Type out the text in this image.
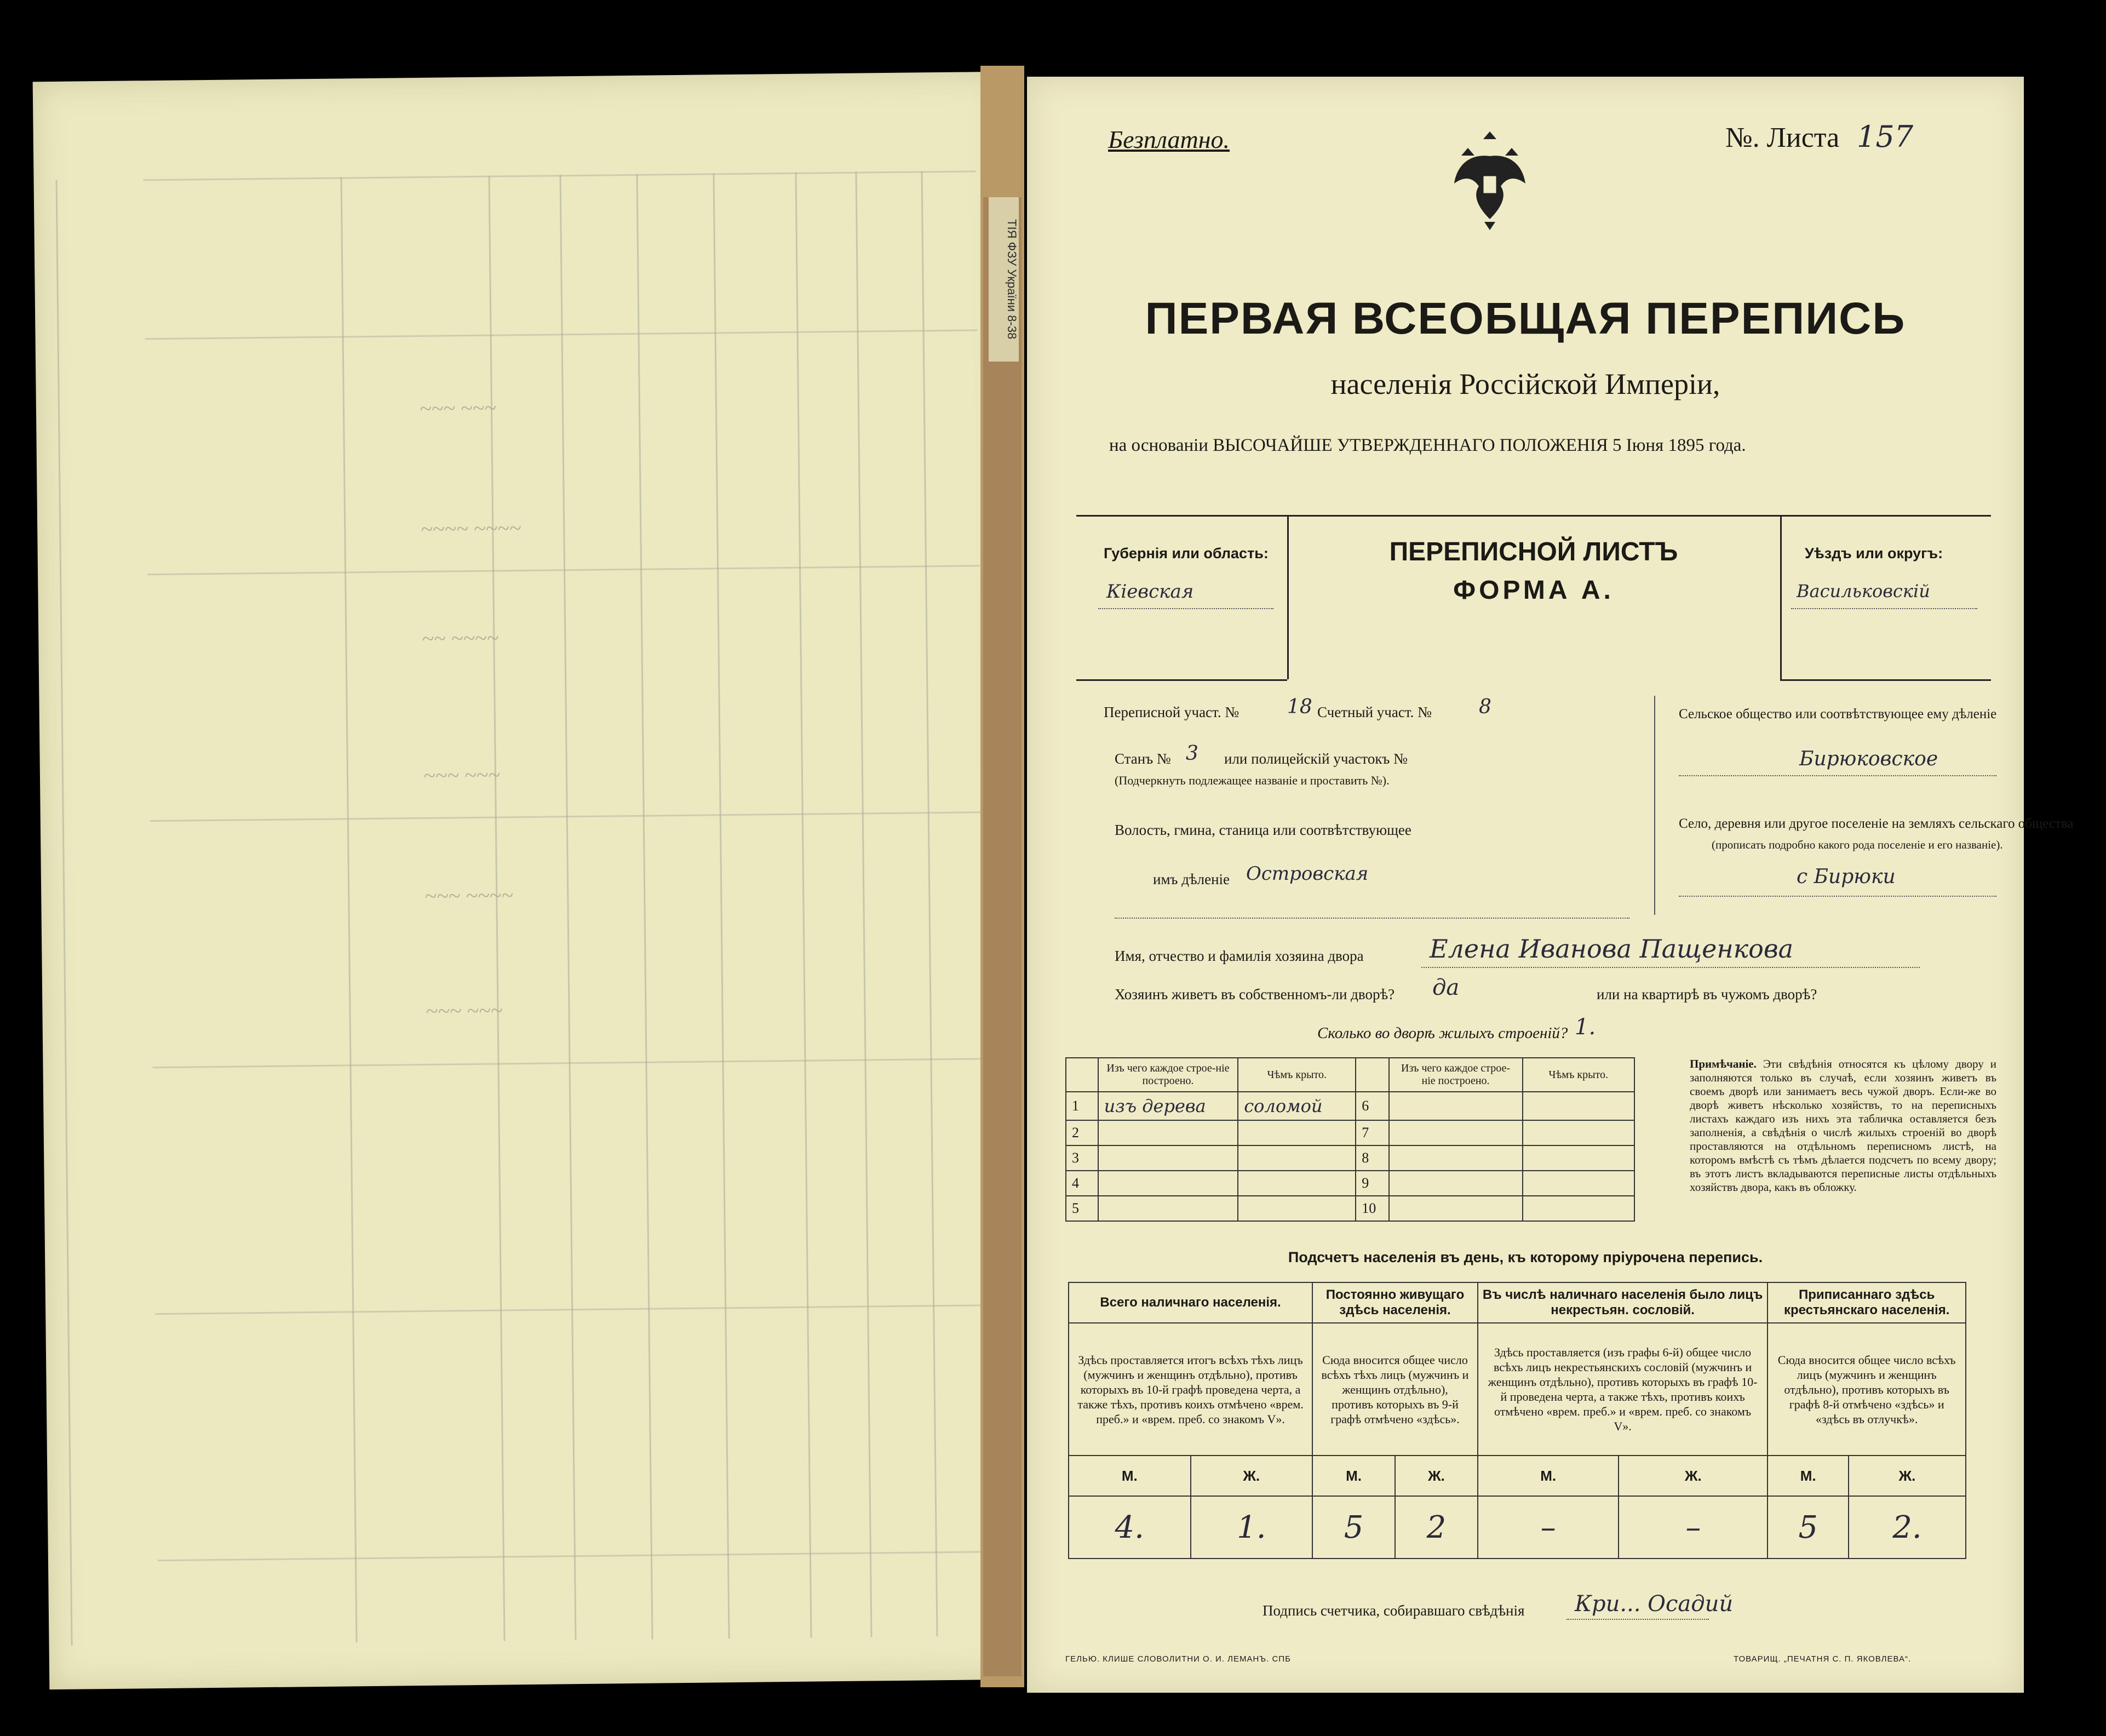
~~~ ~~~
~~~~ ~~~~
~~ ~~~~
~~~ ~~~
~~~ ~~~~
~~~ ~~~
ТІЯ ФЗУ України 8-38
Безплатно.	№. Листа 157
ПЕРВАЯ ВСЕОБЩАЯ ПЕРЕПИСЬ
населенія Россійской Имперіи,
на основаніи ВЫСОЧАЙШЕ УТВЕРЖДЕННАГО ПОЛОЖЕНІЯ 5 Іюня 1895 года.
Губернія или область:
Кіевская
ПЕРЕПИСНОЙ ЛИСТЪ
ФОРМА А.
Уѣздъ или округъ:
Васильковскій
Переписной участ. № 18 Счетный участ. № 8
Станъ № 3 или полицейскій участокъ №
(Подчеркнуть подлежащее названіе и проставить №).
Волость, гмина, станица или соотвѣтствующее
имъ дѣленіе Островская
Сельское общество или соотвѣтствующее ему дѣленіе
Бирюковское
Село, деревня или другое поселеніе на земляхъ сельскаго общества
(прописать подробно какого рода поселеніе и его названіе).
с Бирюки
Имя, отчество и фамилія хозяина двора	Елена Иванова Пащенкова
Хозяинъ живетъ въ собственномъ-ли дворѣ? да	или на квартирѣ въ чужомъ дворѣ?
Сколько во дворѣ жилыхъ строеній? 1.
	Изъ чего каждое строе-ніе построено.	Чѣмъ крыто.		Изъ чего каждое строе-ніе построено.	Чѣмъ крыто.
1	изъ дерева	соломой	6		
2			7		
3			8		
4			9		
5			10		
Примѣчаніе. Эти свѣдѣнія относятся къ цѣлому двору и заполняются только въ случаѣ, если хозяинъ живетъ въ своемъ дворѣ или занимаетъ весь чужой дворъ. Если-же во дворѣ живетъ нѣсколько хозяйствъ, то на переписныхъ листахъ каждаго изъ нихъ эта табличка оставляется безъ заполненія, а свѣдѣнія о числѣ жилыхъ строеній во дворѣ проставляются на отдѣльномъ переписномъ листѣ, на которомъ вмѣстѣ съ тѣмъ дѣлается подсчетъ по всему двору; въ этотъ листъ вкладываются переписные листы отдѣльныхъ хозяйствъ двора, какъ въ обложку.
Подсчетъ населенія въ день, къ которому пріурочена перепись.
Всего наличнаго населенія.		Постоянно живущаго здѣсь населенія.		Въ числѣ наличнаго населенія было лицъ некрестьян. сословій.		Приписаннаго здѣсь крестьянскаго населенія.	
Здѣсь проставляется итогъ всѣхъ тѣхъ лицъ (мужчинъ и женщинъ отдѣльно), противъ которыхъ въ 10-й графѣ проведена черта, а также тѣхъ, противъ коихъ отмѣчено «врем. преб.» и «врем. преб. со знакомъ V».		Сюда вносится общее число всѣхъ тѣхъ лицъ (мужчинъ и женщинъ отдѣльно), противъ которыхъ въ 9-й графѣ отмѣчено «здѣсь».		Здѣсь проставляется (изъ графы 6-й) общее число всѣхъ лицъ некрестьянскихъ сословій (мужчинъ и женщинъ отдѣльно), противъ которыхъ въ графѣ 10-й проведена черта, а также тѣхъ, противъ коихъ отмѣчено «врем. преб.» и «врем. преб. со знакомъ V».		Сюда вносится общее число всѣхъ лицъ (мужчинъ и женщинъ отдѣльно), противъ которыхъ въ графѣ 8-й отмѣчено «здѣсь» и «здѣсь въ отлучкѣ».	
М.	Ж.	М.	Ж.	М.	Ж.	М.	Ж.
4.	1.	5	2	–	–	5	2.
Подпись счетчика, собиравшаго свѣдѣнія Кри... Осадий
ГЕЛЬЮ. КЛИШЕ СЛОВОЛИТНИ О. И. ЛЕМАНЪ. СПБ	ТОВАРИЩ. „ПЕЧАТНЯ С. П. ЯКОВЛЕВА“.
